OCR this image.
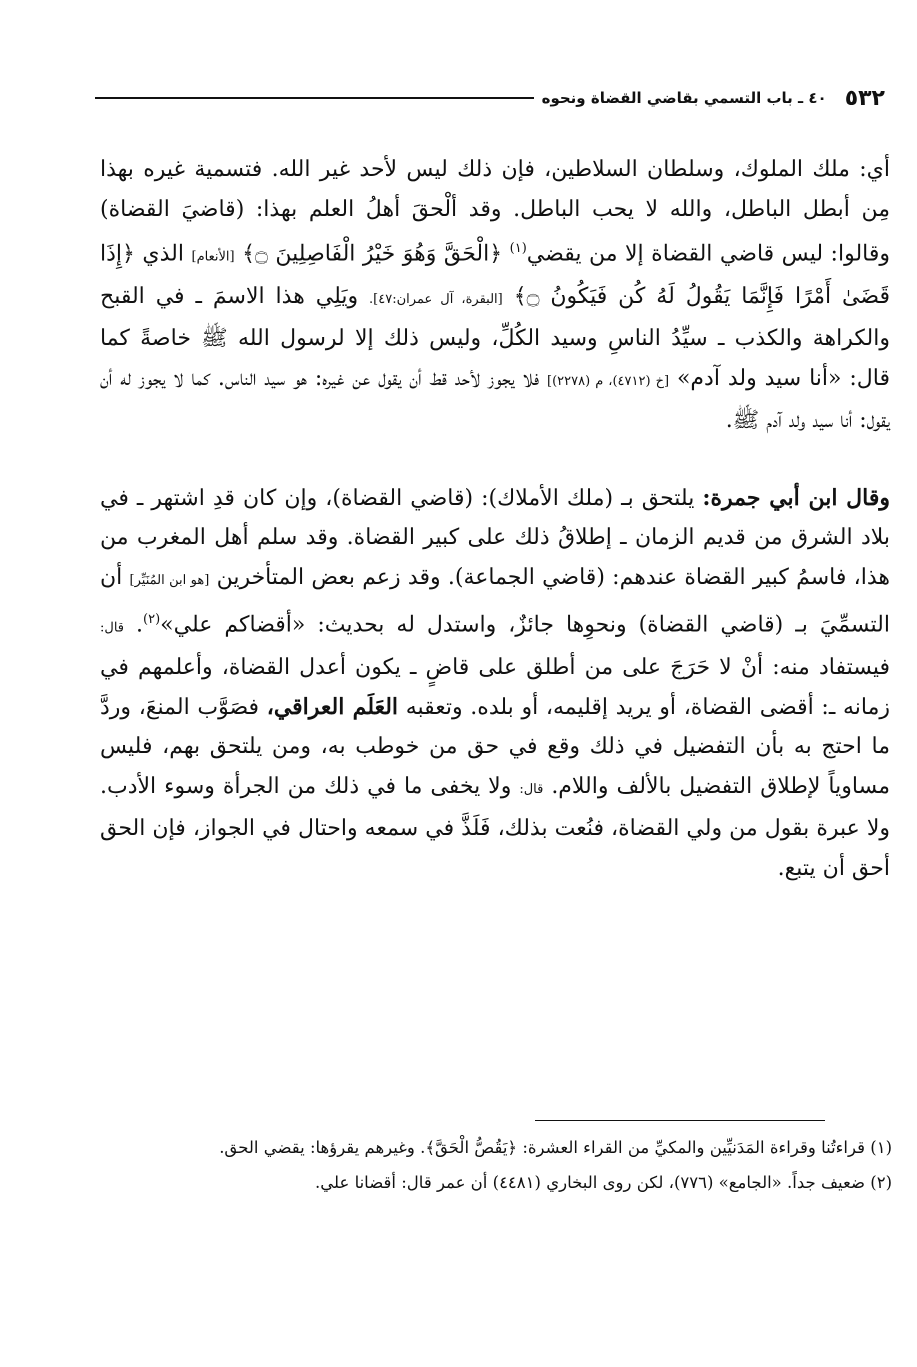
٥٣٢
٤٠ ـ باب التسمي بقاضي القضاة ونحوه

أي: ملك الملوك، وسلطان السلاطين، فإن ذلك ليس لأحد غير الله. فتسمية غيره بهذا مِن أبطل الباطل، والله لا يحب الباطل. وقد ألْحقَ أهلُ العلم بهذا: (قاضيَ القضاة) وقالوا: ليس قاضي القضاة إلا من يقضي$^{(١)}$ ﴿الْحَقَّ وَهُوَ خَيْرُ الْفَاصِلِينَ ۝﴾ [الأنعام] الذي ﴿إِذَا قَضَىٰ أَمْرًا فَإِنَّمَا يَقُولُ لَهُ كُن فَيَكُونُ ۝﴾ [البقرة، آل عمران:٤٧]. ويَلِي هذا الاسمَ ـ في القبح والكراهة والكذب ـ سيِّدُ الناسِ وسيد الكُلِّ، وليس ذلك إلا لرسول الله ﷺ خاصةً كما قال: «أنا سيد ولد آدم» [خ (٤٧١٢)، م (٢٢٧٨)] فلا يجوز لأحد قط أن يقول عن غيره: هو سيد الناس. كما لا يجوز له أن يقول: أنا سيد ولد آدم ﷺ.

وقال ابن أبي جمرة: يلتحق بـ (ملك الأملاك): (قاضي القضاة)، وإن كان قدِ اشتهر ـ في بلاد الشرق من قديم الزمان ـ إطلاقُ ذلك على كبير القضاة. وقد سلم أهل المغرب من هذا، فاسمُ كبير القضاة عندهم: (قاضي الجماعة). وقد زعم بعض المتأخرين [هو ابن المُنَيِّر] أن التسمِّيَ بـ (قاضي القضاة) ونحوِها جائزٌ، واستدل له بحديث: «أقضاكم علي»$^{(٢)}$. قال: فيستفاد منه: أنْ لا حَرَجَ على من أطلق على قاضٍ ـ يكون أعدل القضاة، وأعلمهم في زمانه ـ: أقضى القضاة، أو يريد إقليمه، أو بلده. وتعقبه العَلَم العراقي، فصَوَّب المنعَ، وردَّ ما احتج به بأن التفضيل في ذلك وقع في حق من خوطب به، ومن يلتحق بهم، فليس مساوياً لإطلاق التفضيل بالألف واللام. قال: ولا يخفى ما في ذلك من الجرأة وسوء الأدب. ولا عبرة بقول من ولي القضاة، فنُعت بذلك، فَلَذَّ في سمعه واحتال في الجواز، فإن الحق أحق أن يتبع.

(١) قراءتُنا وقراءة المَدَنيِّين والمكيِّ من القراء العشرة: ﴿يَقُصُّ الْحَقَّ﴾. وغيرهم يقرؤها: يقضي الحق.

(٢) ضعيف جداً. «الجامع» (٧٧٦)، لكن روى البخاري (٤٤٨١) أن عمر قال: أقضانا علي.
